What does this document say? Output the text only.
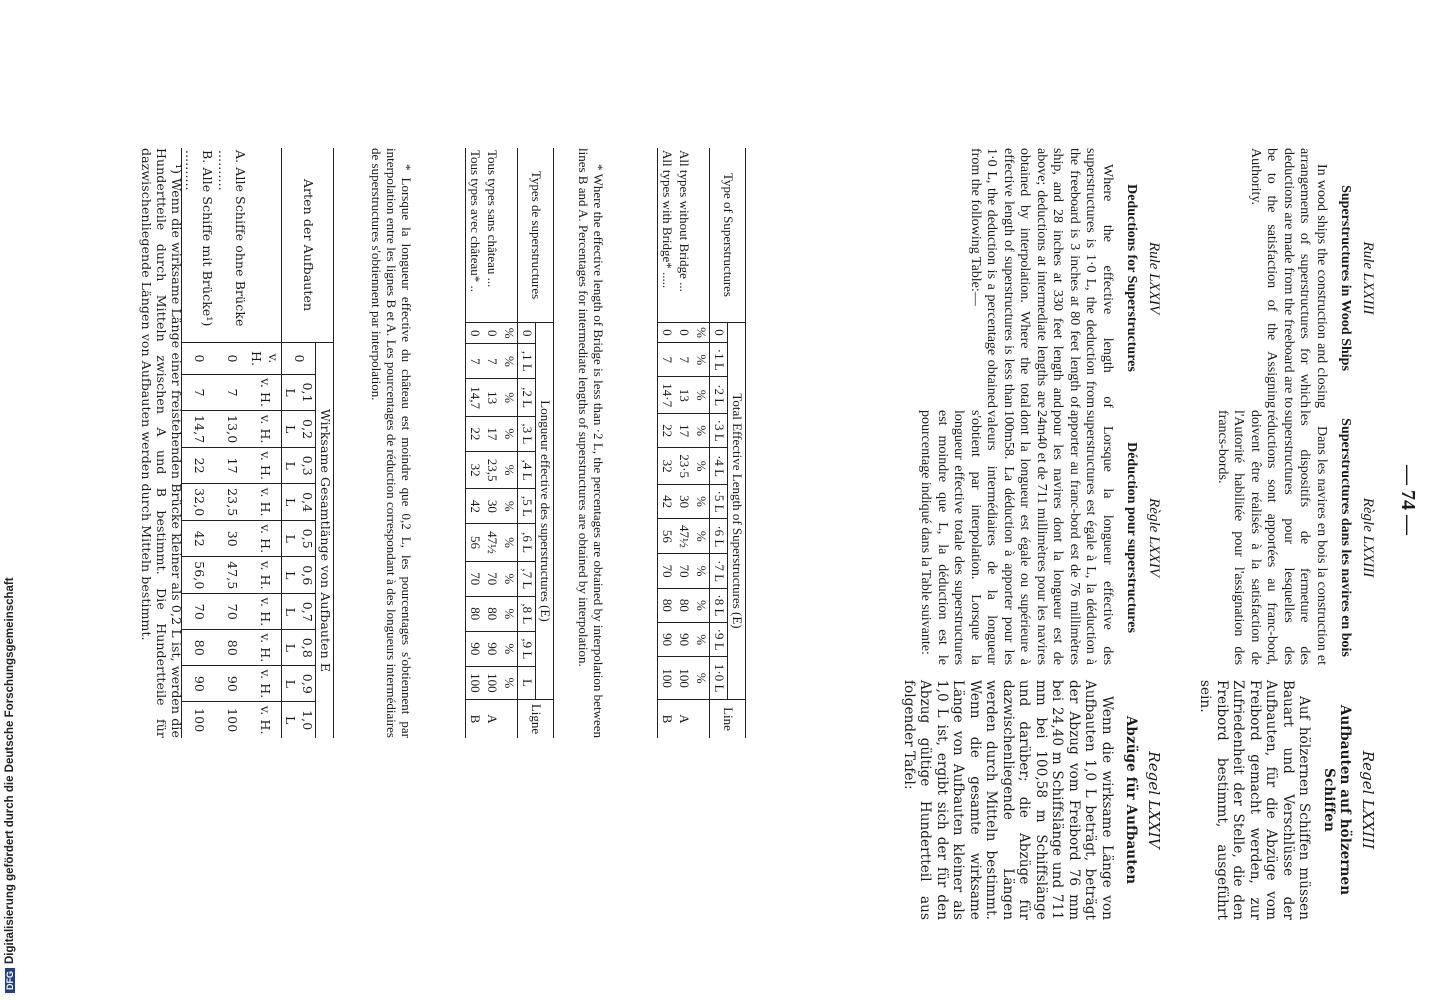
— 74 —

Rule LXXIII

Superstructures in Wood Ships

In wood ships the construction and closing arrangements of superstructures for which deductions are made from the freeboard are to be to the satisfaction of the Assigning Authority.

Règle LXXIII

Superstructures dans les navires en bois

Dans les navires en bois la construction et les dispositifs de fermeture des superstructures pour lesquelles des réductions sont apportées au franc-bord, doivent être réalisés à la satisfaction de l'Autorité habilitée pour l'assignation des francs-bords.

Regel LXXIII

Aufbauten auf hölzernen Schiffen

Auf hölzernen Schiffen müssen Bauart und Verschlüsse der Aufbauten, für die Abzüge vom Freibord gemacht werden, zur Zufriedenheit der Stelle, die den Freibord bestimmt, ausgeführt sein.

Rule LXXIV

Deductions for Superstructures

Where the effective length of superstructures is 1·0 L, the deduction from the freeboard is 3 inches at 80 feet length of ship, and 28 inches at 330 feet length and above; deductions at intermediate lengths are obtained by interpolation. Where the total effective length of superstructures is less than 1·0 L, the deduction is a percentage obtained from the following Table:—

Règle LXXIV

Déduction pour superstructures

Lorsque la longueur effective des superstructures est égale à L, la déduction à apporter au franc-bord est de 76 millimètres pour les navires dont la longueur est de 24m40 et de 711 millimètres pour les navires dont la longueur est égale ou supérieure à 100m58. La déduction à apporter pour les valeurs intermédiaires de la longueur s'obtient par interpolation. Lorsque la longueur effective totale des superstructures est moindre que L, la déduction est le pourcentage indiqué dans la Table suivante:

Regel LXXIV

Abzüge für Aufbauten

Wenn die wirksame Länge von Aufbauten 1,0 L beträgt, beträgt der Abzug vom Freibord 76 mm bei 24,40 m Schiffslänge und 711 mm bei 100,58 m Schiffslänge und darüber; die Abzüge für dazwischenliegende Längen werden durch Mitteln bestimmt. Wenn die gesamte wirksame Länge von Aufbauten kleiner als 1,0 L ist, ergibt sich der für den Abzug gültige Hundertteil aus folgender Tafel:

Type of Superstructures	Total Effective Length of Superstructures (E)											Line
	0	·1 L	·2 L	·3 L	·4 L	·5 L	·6 L	·7 L	·8 L	·9 L	1·0 L	
	%	%	%	%	%	%	%	%	%	%	%	
All types without Bridge ...	0	7	13	17	23·5	30	47½	70	80	90	100	A
All types with Bridge* .....	0	7	14·7	22	32	42	56	70	80	90	100	B

* Where the effective length of Bridge is less than ·2 L, the percentages are obtained by interpolation between lines B and A. Percentages for intermediate lengths of superstructures are obtained by interpolation.

Types de superstructures	Longueur effective des superstructures (E)											Ligne
	0	,1 L	,2 L	,3 L	,4 L	,5 L	,6 L	,7 L	,8 L	,9 L	L	
	%	%	%	%	%	%	%	%	%	%	%	
Tous types sans château ...	0	7	13	17	23,5	30	47½	70	80	90	100	A
Tous types avec château* ..	0	7	14,7	22	32	42	56	70	80	90	100	B

* Lorsque la longueur effective du château est moindre que 0,2 L, les pourcentages s'obtiennent par interpolation entre les lignes B et A. Les pourcentages de réduction correspondant à des longueurs intermédiaires de superstructures s'obtiennent par interpolation.

Arten der Aufbauten	Wirksame Gesamtlänge von Aufbauten E										
	0	0,1 L	0,2 L	0,3 L	0,4 L	0,5 L	0,6 L	0,7 L	0,8 L	0,9 L	1,0 L
	v. H.	v. H.	v. H.	v. H.	v. H.	v. H.	v. H.	v. H.	v. H.	v. H.	v. H.
A. Alle Schiffe ohne Brücke ..........	0	7	13,0	17	23,5	30	47,5	70	80	90	100
B. Alle Schiffe mit Brücke¹) ..........	0	7	14,7	22	32,0	42	56,0	70	80	90	100

¹) Wenn die wirksame Länge einer freistehenden Brücke kleiner als 0,2 L ist, werden die Hundertteile durch Mitteln zwischen A und B bestimmt. Die Hundertteile für dazwischenliegende Längen von Aufbauten werden durch Mitteln bestimmt.

DFGDigitalisierung gefördert durch die Deutsche Forschungsgemeinschaft
